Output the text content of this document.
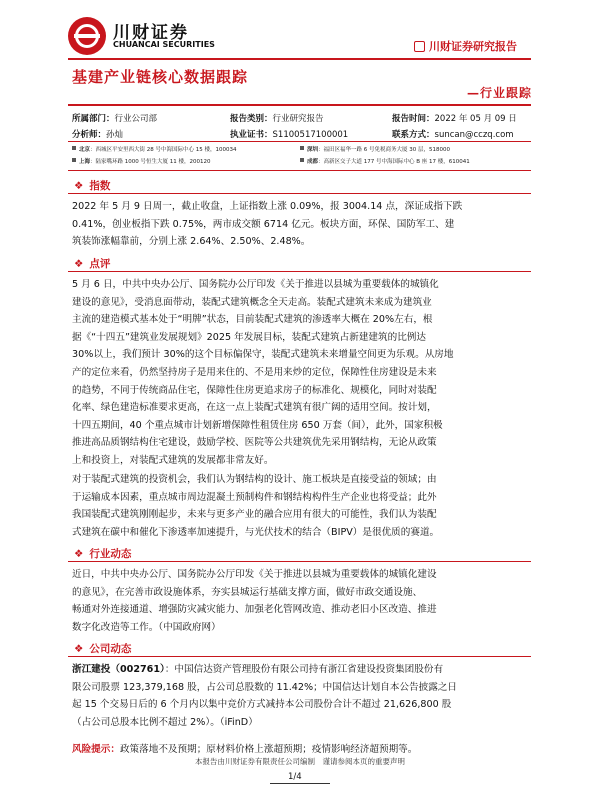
川财证券
CHUANCAI SECURITIES	川财证券研究报告
基建产业链核心数据跟踪
—行业跟踪
所属部门：行业公司部	报告类别：行业研究报告	报告时间：2022 年 05 月 09 日
分析师：孙灿	执业证书：S1100517100001	联系方式：suncan@cczq.com
北京：西城区平安里西大街 28 号中海国际中心 15 楼，100034	深圳：福田区福华一路 6 号免税商务大厦 30 层，518000
上海：陆家嘴环路 1000 号恒生大厦 11 楼，200120	成都：高新区交子大道 177 号中海国际中心 B 座 17 楼，610041
❖ 指数
2022 年 5 月 9 日周一，截止收盘，上证指数上涨 0.09%，报 3004.14 点，深证成指下跌
0.41%，创业板指下跌 0.75%，两市成交额 6714 亿元。板块方面，环保、国防军工、建
筑装饰涨幅靠前，分别上涨 2.64%、2.50%、2.48%。
❖ 点评
5 月 6 日，中共中央办公厅、国务院办公厅印发《关于推进以县城为重要载体的城镇化
建设的意见》，受消息面带动，装配式建筑概念全天走高。装配式建筑未来成为建筑业
主流的建造模式基本处于“明牌”状态，目前装配式建筑的渗透率大概在 20%左右，根
据《“十四五”建筑业发展规划》2025 年发展目标，装配式建筑占新建建筑的比例达
30%以上，我们预计 30%的这个目标偏保守，装配式建筑未来增量空间更为乐观。从房地
产的定位来看，仍然坚持房子是用来住的、不是用来炒的定位，保障性住房建设是未来
的趋势，不同于传统商品住宅，保障性住房更追求房子的标准化、规模化，同时对装配
化率、绿色建造标准要求更高，在这一点上装配式建筑有很广阔的适用空间。按计划，
十四五期间，40 个重点城市计划新增保障性租赁住房 650 万套（间），此外，国家积极
推进高品质钢结构住宅建设，鼓励学校、医院等公共建筑优先采用钢结构，无论从政策
上和投资上，对装配式建筑的发展都非常友好。
对于装配式建筑的投资机会，我们认为钢结构的设计、施工板块是直接受益的领域；由
于运输成本因素，重点城市周边混凝土预制构件和钢结构构件生产企业也将受益；此外
我国装配式建筑刚刚起步，未来与更多产业的融合应用有很大的可能性，我们认为装配
式建筑在碳中和催化下渗透率加速提升，与光伏技术的结合（BIPV）是很优质的赛道。
❖ 行业动态
近日，中共中央办公厅、国务院办公厅印发《关于推进以县城为重要载体的城镇化建设
的意见》，在完善市政设施体系，夯实县城运行基础支撑方面，做好市政交通设施、
畅通对外连接通道、增强防灾减灾能力、加强老化管网改造、推动老旧小区改造、推进
数字化改造等工作。（中国政府网）
❖ 公司动态
浙江建投（002761）：中国信达资产管理股份有限公司持有浙江省建设投资集团股份有
限公司股票 123,379,168 股，占公司总股数的 11.42%；中国信达计划自本公告披露之日
起 15 个交易日后的 6 个月内以集中竞价方式减持本公司股份合计不超过 21,626,800 股
（占公司总股本比例不超过 2%）。（iFinD）
风险提示：政策落地不及预期；原材料价格上涨超预期；疫情影响经济超预期等。
本报告由川财证券有限责任公司编制　谨请参阅本页的重要声明
1/4
